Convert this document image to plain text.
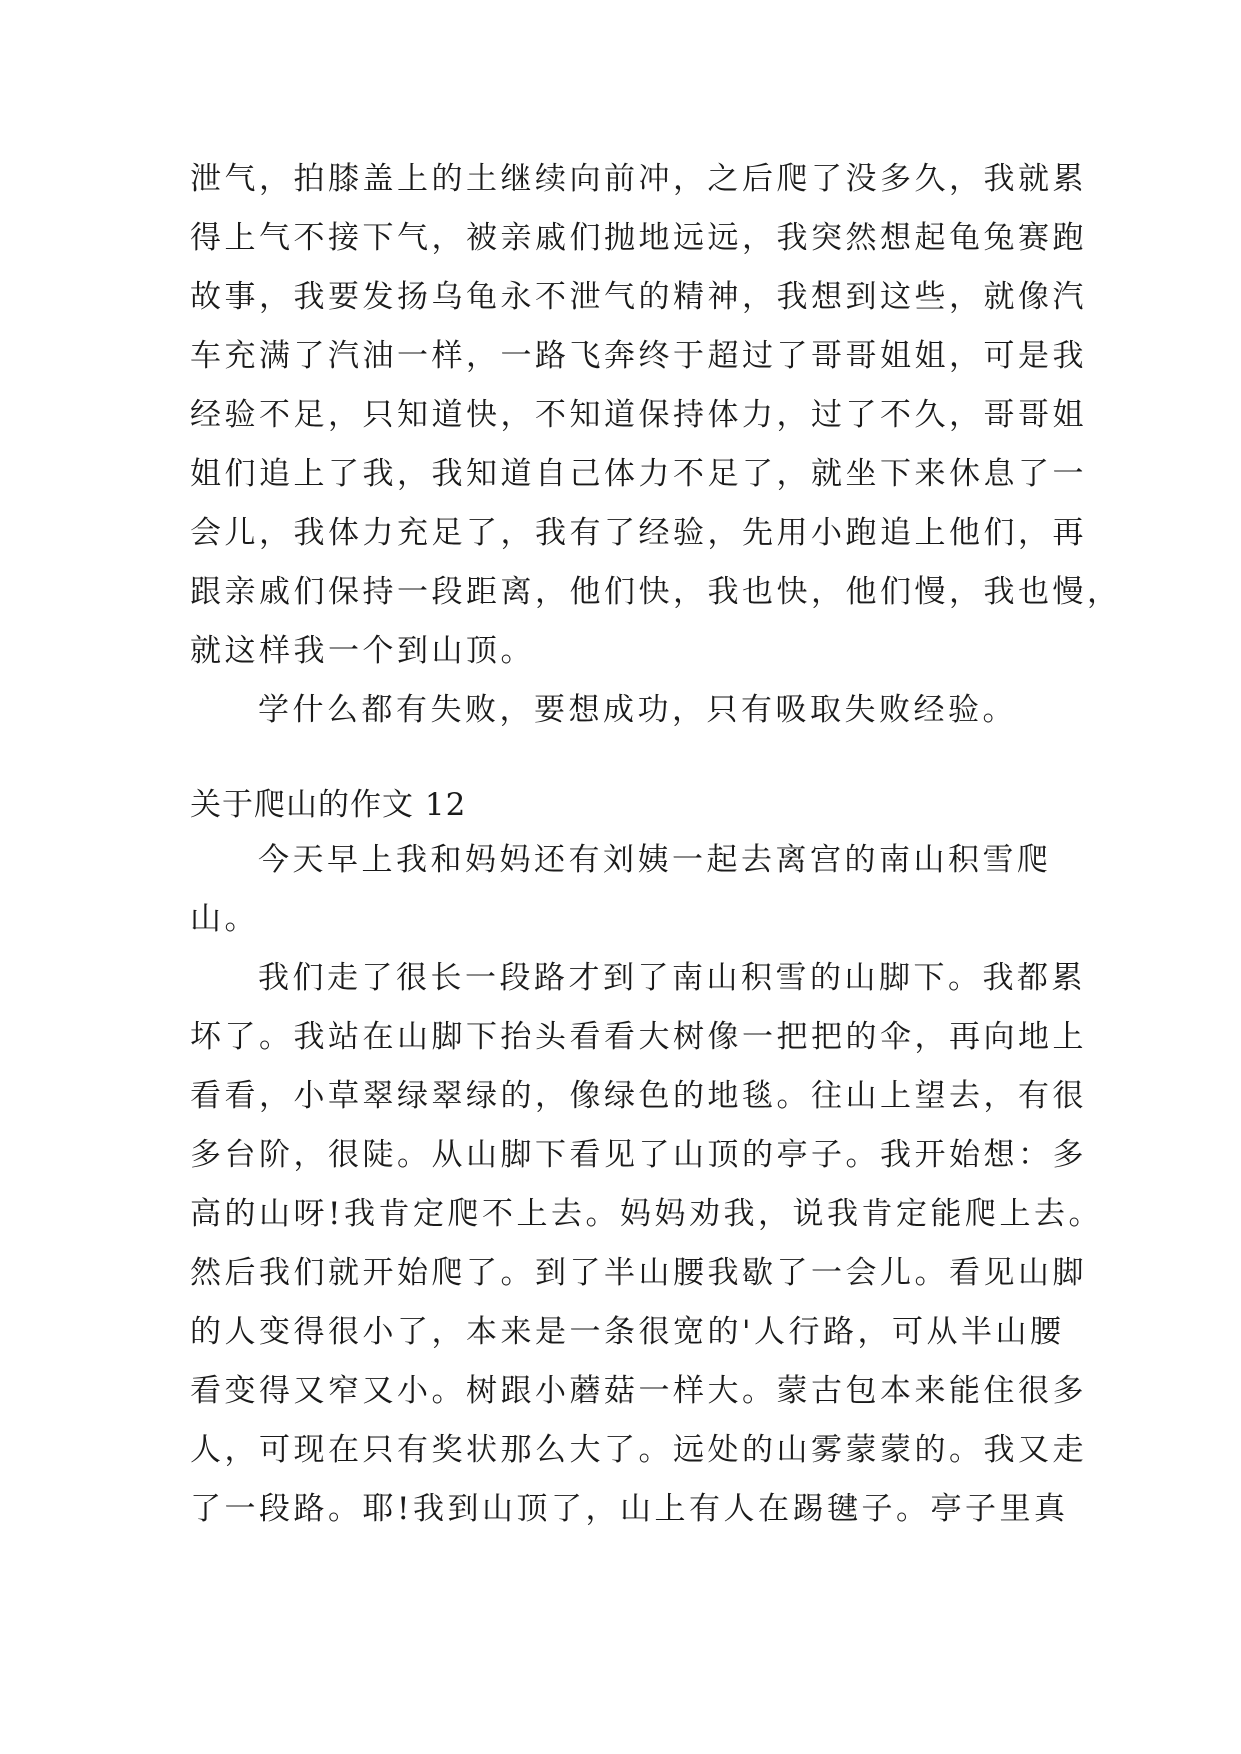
泄气，拍膝盖上的土继续向前冲，之后爬了没多久，我就累
得上气不接下气，被亲戚们抛地远远，我突然想起龟兔赛跑
故事，我要发扬乌龟永不泄气的精神，我想到这些，就像汽
车充满了汽油一样，一路飞奔终于超过了哥哥姐姐，可是我
经验不足，只知道快，不知道保持体力，过了不久，哥哥姐
姐们追上了我，我知道自己体力不足了，就坐下来休息了一
会儿，我体力充足了，我有了经验，先用小跑追上他们，再
跟亲戚们保持一段距离，他们快，我也快，他们慢，我也慢，
就这样我一个到山顶。
学什么都有失败，要想成功，只有吸取失败经验。
关于爬山的作文 12
今天早上我和妈妈还有刘姨一起去离宫的南山积雪爬
山。
我们走了很长一段路才到了南山积雪的山脚下。我都累
坏了。我站在山脚下抬头看看大树像一把把的伞，再向地上
看看，小草翠绿翠绿的，像绿色的地毯。往山上望去，有很
多台阶，很陡。从山脚下看见了山顶的亭子。我开始想：多
高的山呀!我肯定爬不上去。妈妈劝我，说我肯定能爬上去。
然后我们就开始爬了。到了半山腰我歇了一会儿。看见山脚
的人变得很小了，本来是一条很宽的'人行路，可从半山腰
看变得又窄又小。树跟小蘑菇一样大。蒙古包本来能住很多
人，可现在只有奖状那么大了。远处的山雾蒙蒙的。我又走
了一段路。耶!我到山顶了，山上有人在踢毽子。亭子里真
